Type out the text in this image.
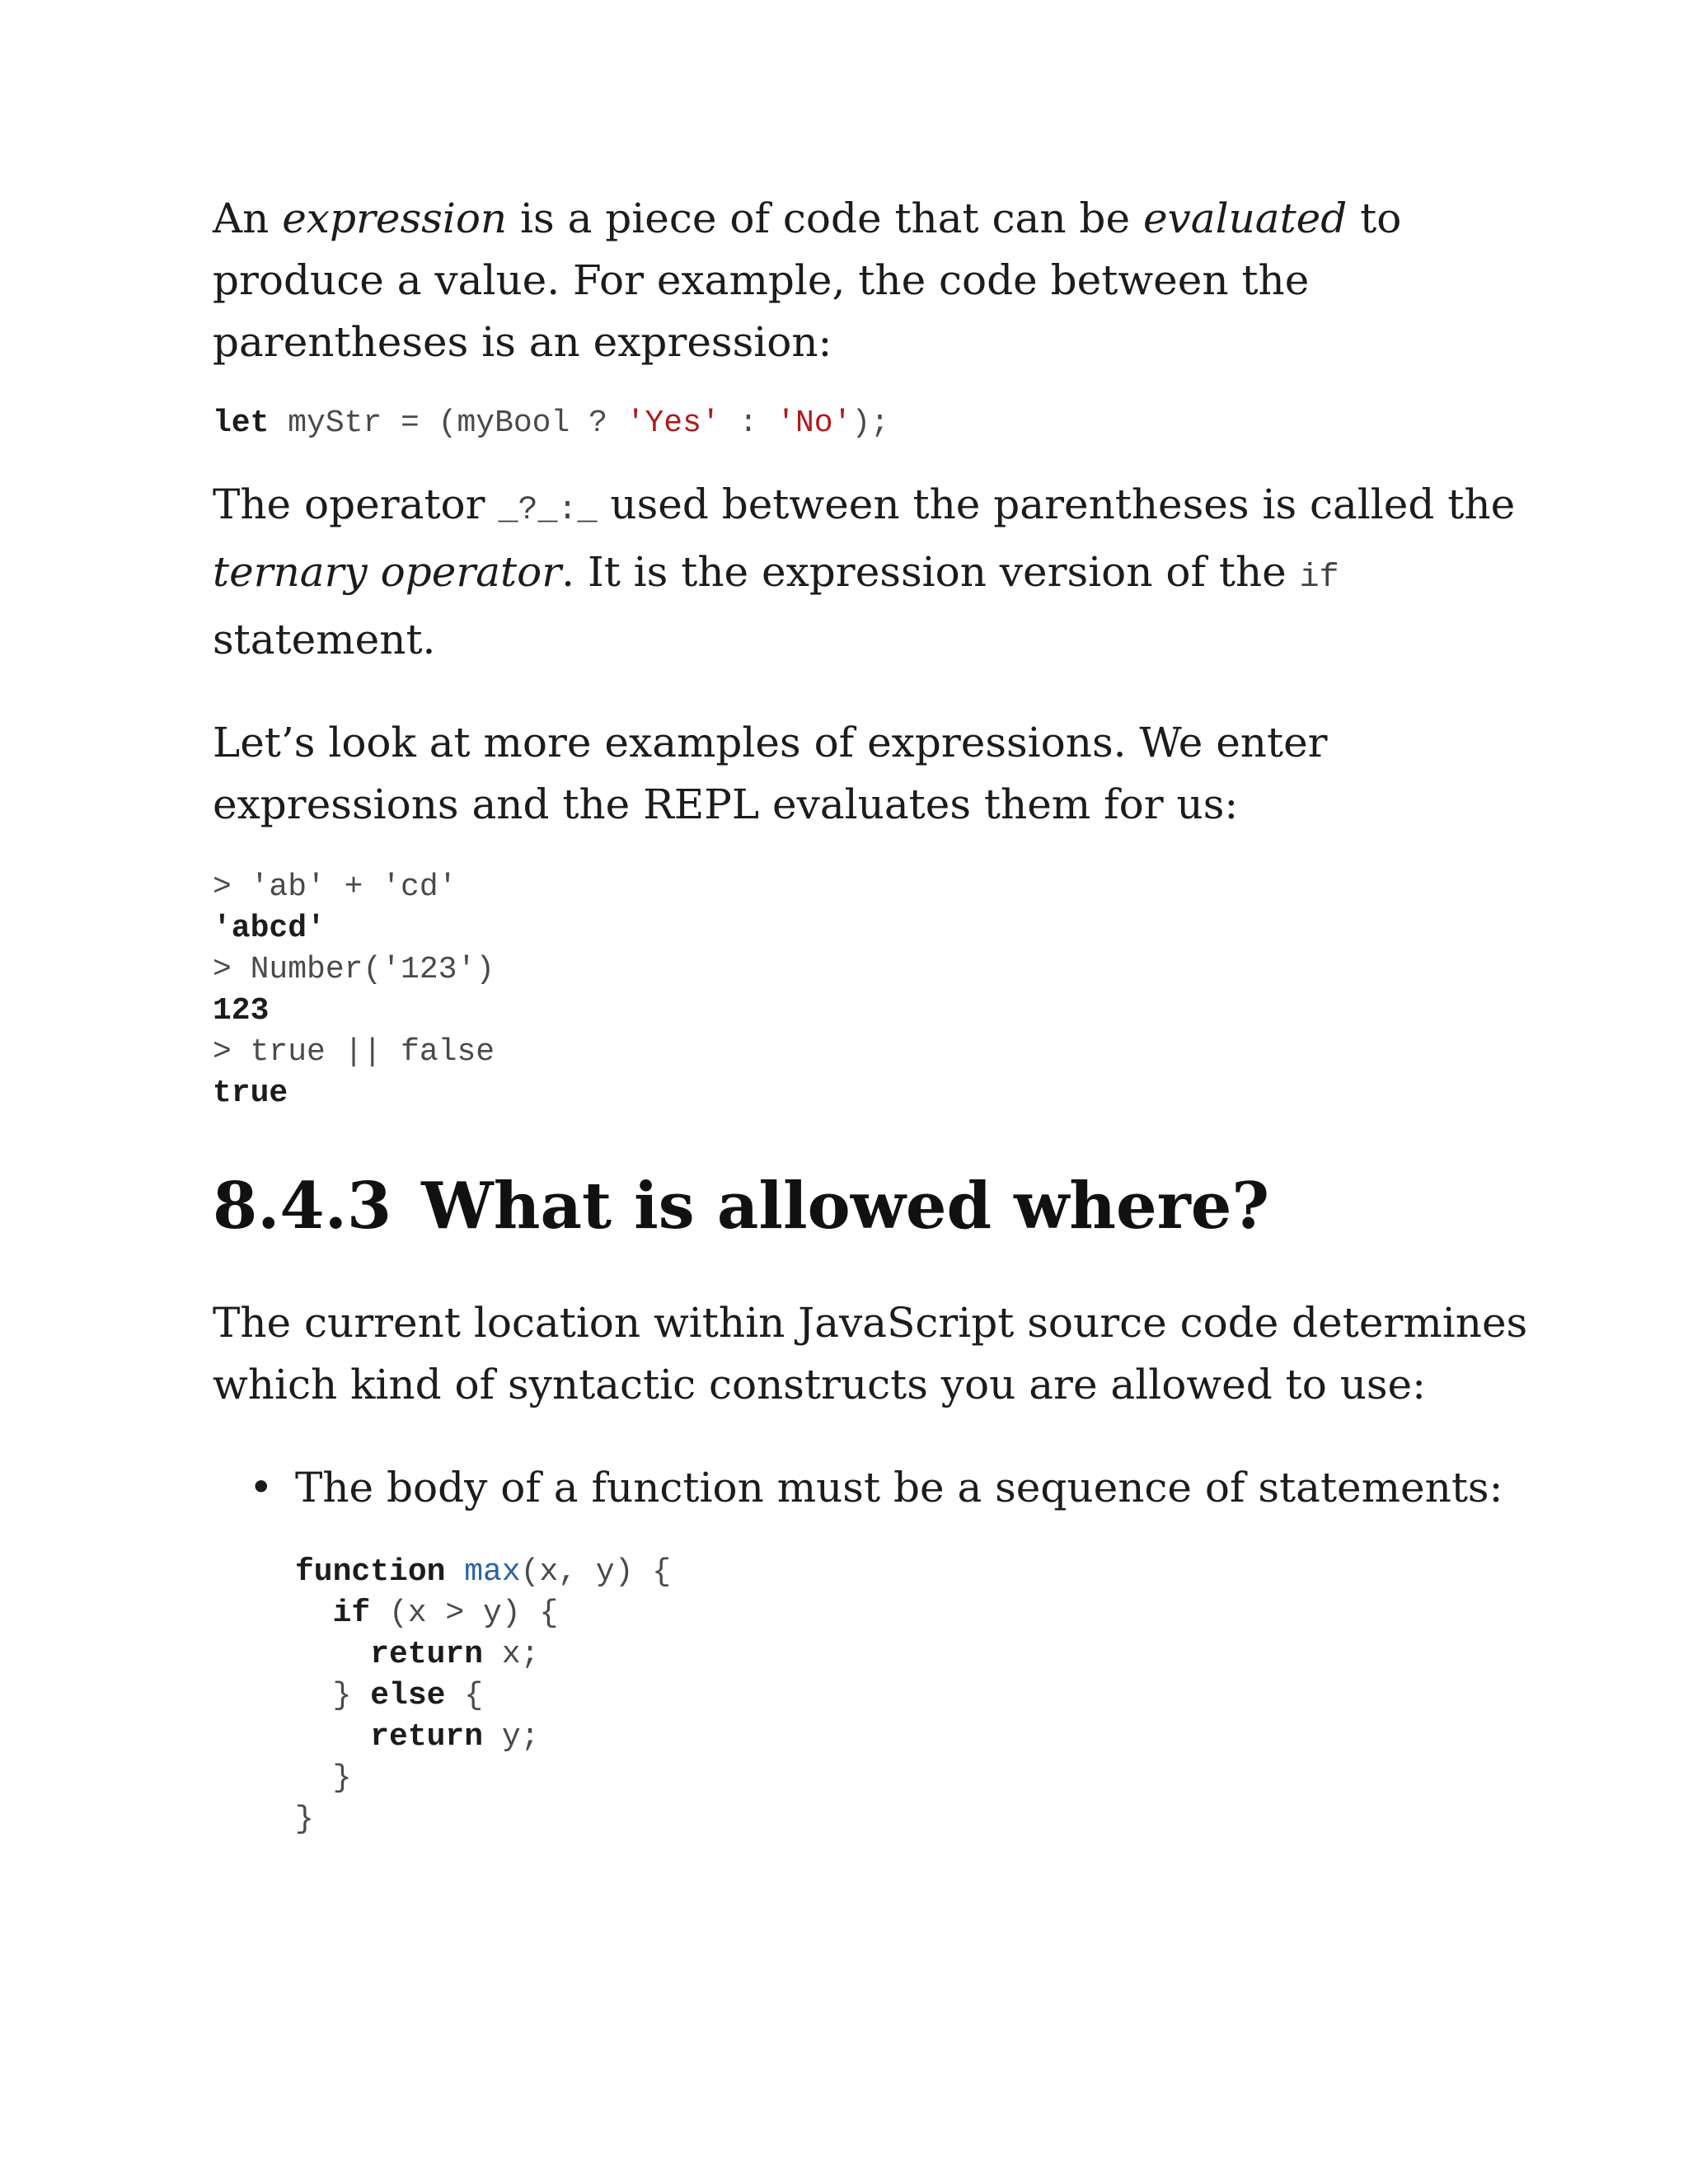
An expression is a piece of code that can be evaluated to produce a value. For example, the code between the parentheses is an expression:

let myStr = (myBool ? 'Yes' : 'No');

The operator _?_:_ used between the parentheses is called the ternary operator. It is the expression version of the if statement.

Let’s look at more examples of expressions. We enter expressions and the REPL evaluates them for us:

> 'ab' + 'cd'
'abcd'
> Number('123')
123
> true || false
true
8.4.3 What is allowed where?

The current location within JavaScript source code determines which kind of syntactic constructs you are allowed to use:

• The body of a function must be a sequence of statements:

function max(x, y) {
if (x > y) {
return x;
} else {
return y;
}
}
